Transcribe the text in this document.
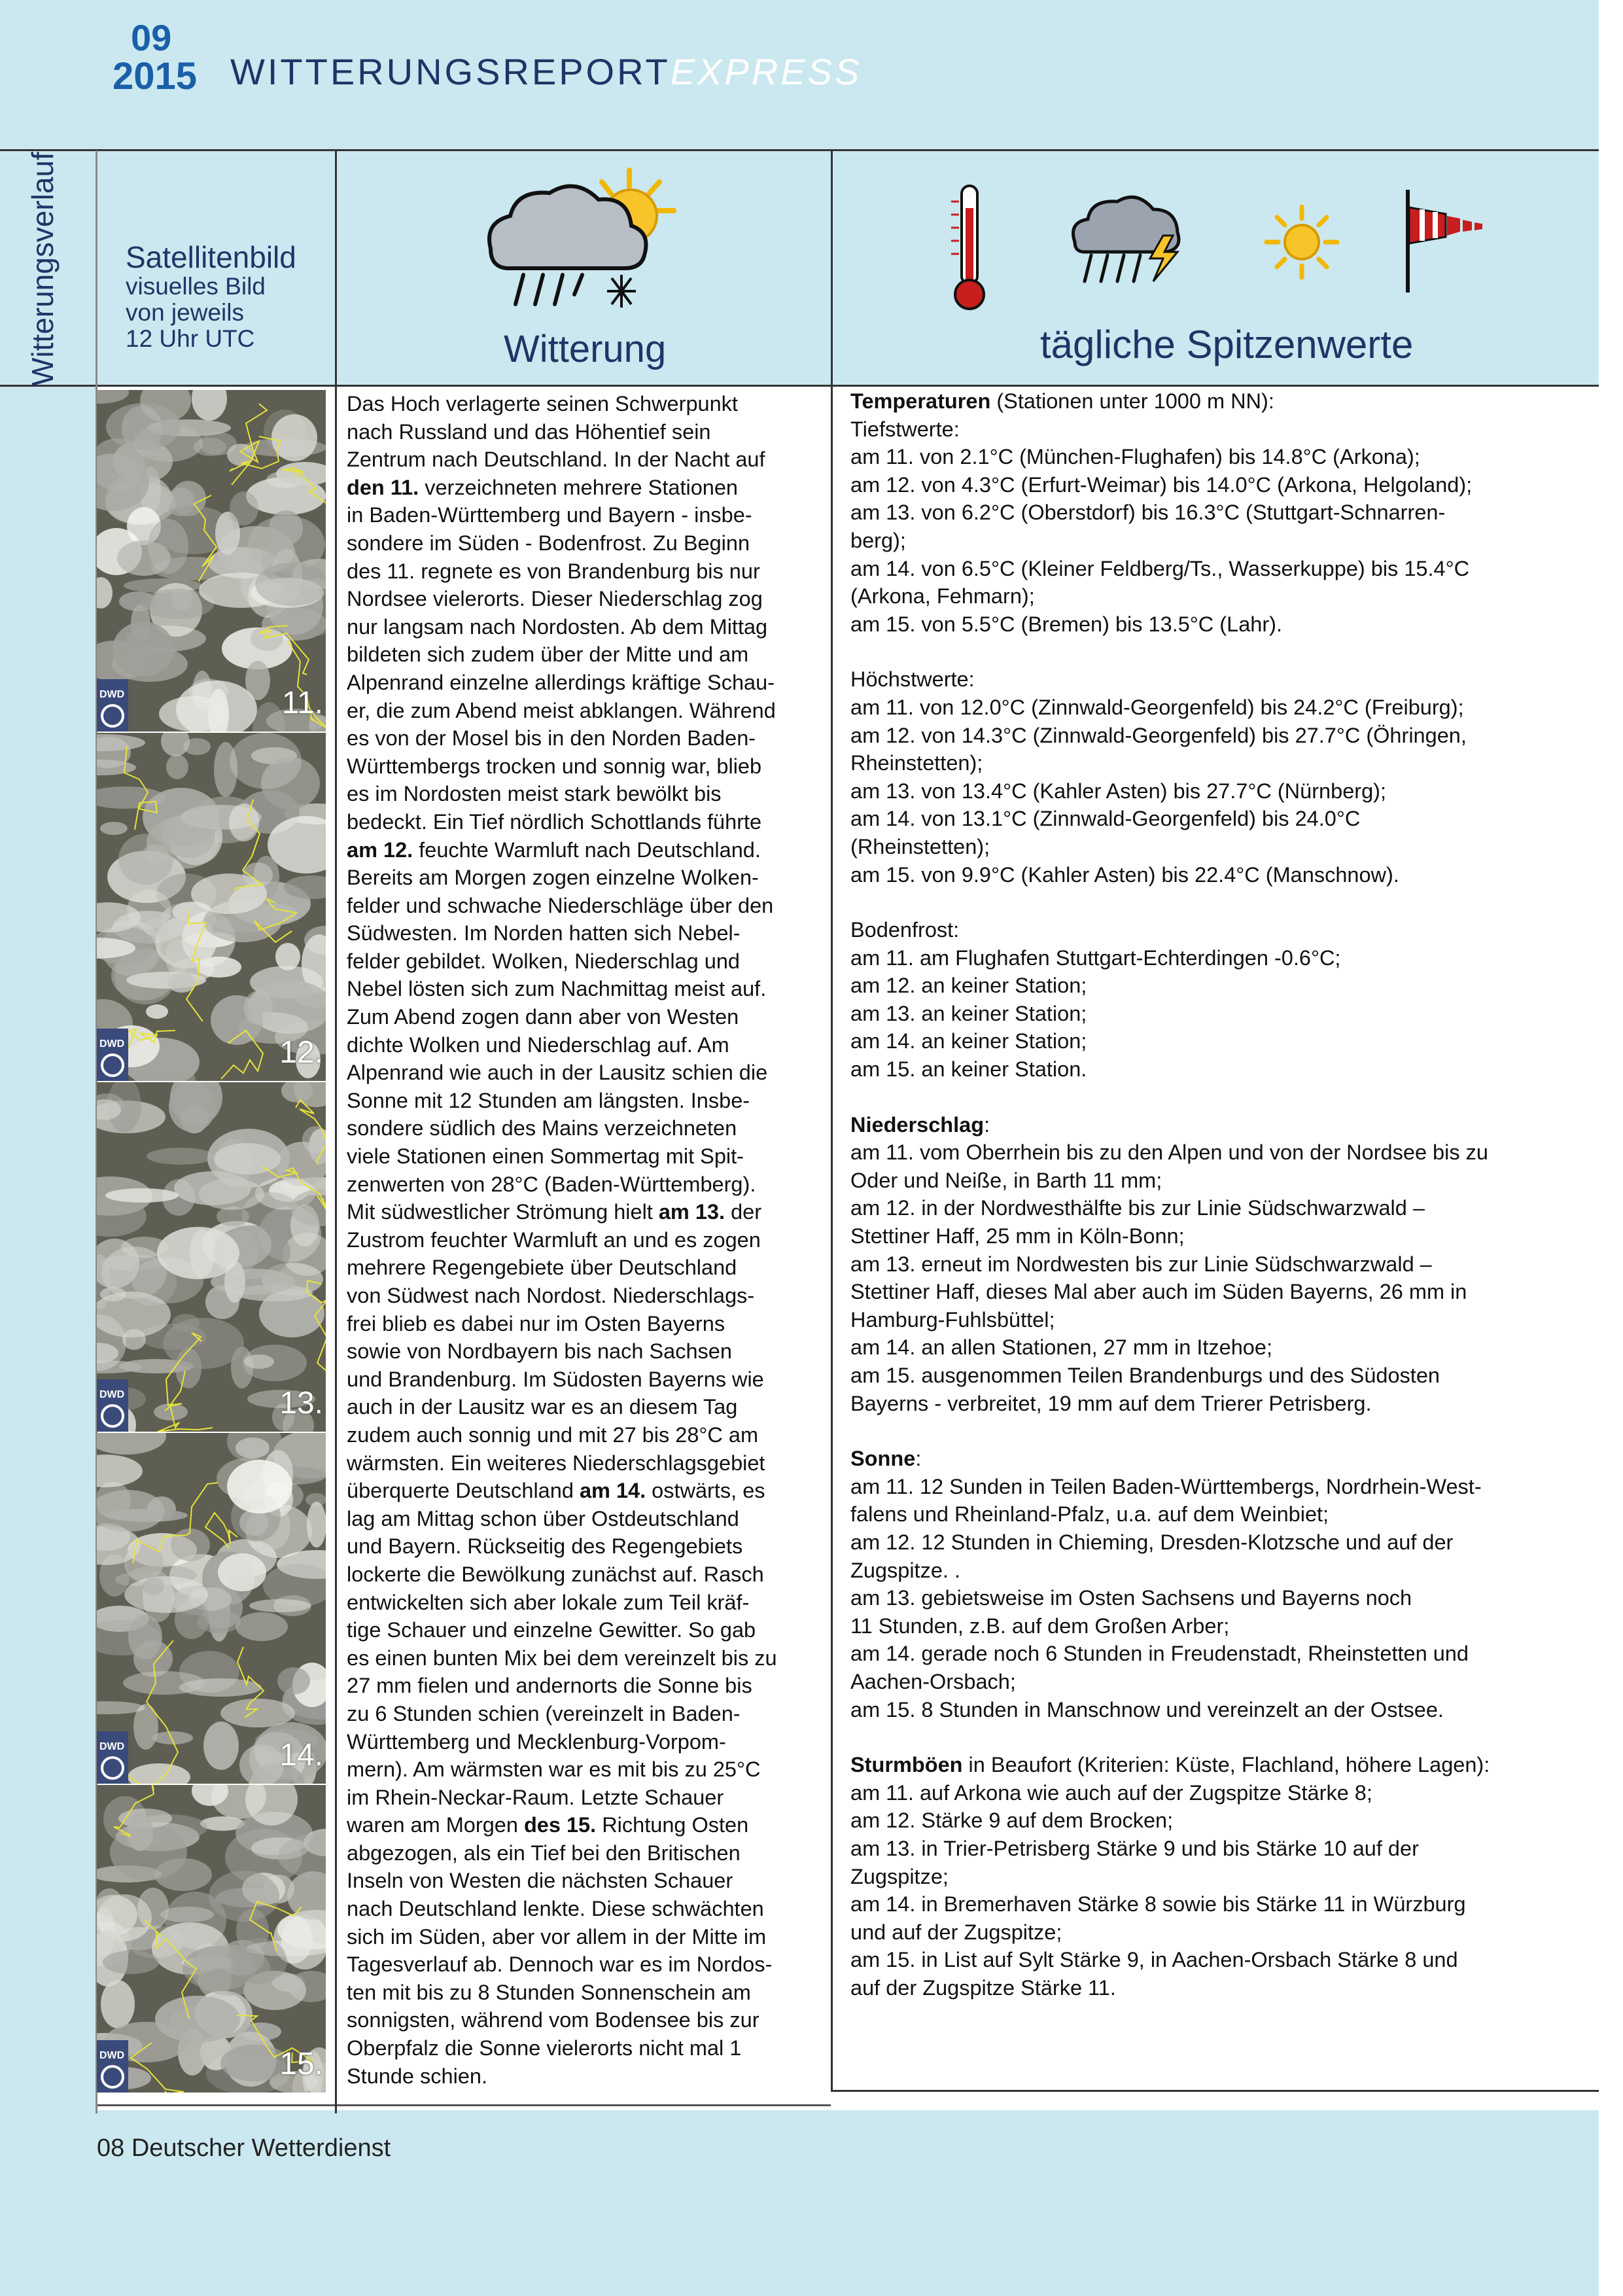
09
2015 WITTERUNGSREPORTEXPRESS
Witterungsverlauf Satellitenbild
visuelles Bild
von jeweils
12 Uhr UTC	Witterung	tägliche Spitzenwerte
DWD	11.
DWD	12.
DWD	13.
DWD	14.
DWD	15.
Das Hoch verlagerte seinen Schwerpunkt
nach Russland und das Höhentief sein
Zentrum nach Deutschland. In der Nacht auf
den 11. verzeichneten mehrere Stationen
in Baden-Württemberg und Bayern - insbe-
sondere im Süden - Bodenfrost. Zu Beginn
des 11. regnete es von Brandenburg bis nur
Nordsee vielerorts. Dieser Niederschlag zog
nur langsam nach Nordosten. Ab dem Mittag
bildeten sich zudem über der Mitte und am
Alpenrand einzelne allerdings kräftige Schau-
er, die zum Abend meist abklangen. Während
es von der Mosel bis in den Norden Baden-
Württembergs trocken und sonnig war, blieb
es im Nordosten meist stark bewölkt bis
bedeckt. Ein Tief nördlich Schottlands führte
am 12. feuchte Warmluft nach Deutschland.
Bereits am Morgen zogen einzelne Wolken-
felder und schwache Niederschläge über den
Südwesten. Im Norden hatten sich Nebel-
felder gebildet. Wolken, Niederschlag und
Nebel lösten sich zum Nachmittag meist auf.
Zum Abend zogen dann aber von Westen
dichte Wolken und Niederschlag auf. Am
Alpenrand wie auch in der Lausitz schien die
Sonne mit 12 Stunden am längsten. Insbe-
sondere südlich des Mains verzeichneten
viele Stationen einen Sommertag mit Spit-
zenwerten von 28°C (Baden-Württemberg).
Mit südwestlicher Strömung hielt am 13. der
Zustrom feuchter Warmluft an und es zogen
mehrere Regengebiete über Deutschland
von Südwest nach Nordost. Niederschlags-
frei blieb es dabei nur im Osten Bayerns
sowie von Nordbayern bis nach Sachsen
und Brandenburg. Im Südosten Bayerns wie
auch in der Lausitz war es an diesem Tag
zudem auch sonnig und mit 27 bis 28°C am
wärmsten. Ein weiteres Niederschlagsgebiet
überquerte Deutschland am 14. ostwärts, es
lag am Mittag schon über Ostdeutschland
und Bayern. Rückseitig des Regengebiets
lockerte die Bewölkung zunächst auf. Rasch
entwickelten sich aber lokale zum Teil kräf-
tige Schauer und einzelne Gewitter. So gab
es einen bunten Mix bei dem vereinzelt bis zu
27 mm fielen und andernorts die Sonne bis
zu 6 Stunden schien (vereinzelt in Baden-
Württemberg und Mecklenburg-Vorpom-
mern). Am wärmsten war es mit bis zu 25°C
im Rhein-Neckar-Raum. Letzte Schauer
waren am Morgen des 15. Richtung Osten
abgezogen, als ein Tief bei den Britischen
Inseln von Westen die nächsten Schauer
nach Deutschland lenkte. Diese schwächten
sich im Süden, aber vor allem in der Mitte im
Tagesverlauf ab. Dennoch war es im Nordos-
ten mit bis zu 8 Stunden Sonnenschein am
sonnigsten, während vom Bodensee bis zur
Oberpfalz die Sonne vielerorts nicht mal 1
Stunde schien.

Temperaturen (Stationen unter 1000 m NN):

Tiefstwerte:

am 11. von 2.1°C (München-Flughafen) bis 14.8°C (Arkona);
am 12. von 4.3°C (Erfurt-Weimar) bis 14.0°C (Arkona, Helgoland);
am 13. von 6.2°C (Oberstdorf) bis 16.3°C (Stuttgart-Schnarren-
berg);
am 14. von 6.5°C (Kleiner Feldberg/Ts., Wasserkuppe) bis 15.4°C
(Arkona, Fehmarn);
am 15. von 5.5°C (Bremen) bis 13.5°C (Lahr).

Höchstwerte:

am 11. von 12.0°C (Zinnwald-Georgenfeld) bis 24.2°C (Freiburg);
am 12. von 14.3°C (Zinnwald-Georgenfeld) bis 27.7°C (Öhringen,
Rheinstetten);
am 13. von 13.4°C (Kahler Asten) bis 27.7°C (Nürnberg);
am 14. von 13.1°C (Zinnwald-Georgenfeld) bis 24.0°C
(Rheinstetten);
am 15. von 9.9°C (Kahler Asten) bis 22.4°C (Manschnow).

Bodenfrost:

am 11. am Flughafen Stuttgart-Echterdingen -0.6°C;
am 12. an keiner Station;
am 13. an keiner Station;
am 14. an keiner Station;
am 15. an keiner Station.

Niederschlag:

am 11. vom Oberrhein bis zu den Alpen und von der Nordsee bis zu
Oder und Neiße, in Barth 11 mm;
am 12. in der Nordwesthälfte bis zur Linie Südschwarzwald –
Stettiner Haff, 25 mm in Köln-Bonn;
am 13. erneut im Nordwesten bis zur Linie Südschwarzwald –
Stettiner Haff, dieses Mal aber auch im Süden Bayerns, 26 mm in
Hamburg-Fuhlsbüttel;
am 14. an allen Stationen, 27 mm in Itzehoe;
am 15. ausgenommen Teilen Brandenburgs und des Südosten
Bayerns - verbreitet, 19 mm auf dem Trierer Petrisberg.

Sonne:

am 11. 12 Sunden in Teilen Baden-Württembergs, Nordrhein-West-
falens und Rheinland-Pfalz, u.a. auf dem Weinbiet;
am 12. 12 Stunden in Chieming, Dresden-Klotzsche und auf der
Zugspitze. .
am 13. gebietsweise im Osten Sachsens und Bayerns noch
11 Stunden, z.B. auf dem Großen Arber;
am 14. gerade noch 6 Stunden in Freudenstadt, Rheinstetten und
Aachen-Orsbach;
am 15. 8 Stunden in Manschnow und vereinzelt an der Ostsee.

Sturmböen in Beaufort (Kriterien: Küste, Flachland, höhere Lagen):

am 11. auf Arkona wie auch auf der Zugspitze Stärke 8;
am 12. Stärke 9 auf dem Brocken;
am 13. in Trier-Petrisberg Stärke 9 und bis Stärke 10 auf der
Zugspitze;
am 14. in Bremerhaven Stärke 8 sowie bis Stärke 11 in Würzburg
und auf der Zugspitze;
am 15. in List auf Sylt Stärke 9, in Aachen-Orsbach Stärke 8 und
auf der Zugspitze Stärke 11.
08 Deutscher Wetterdienst
